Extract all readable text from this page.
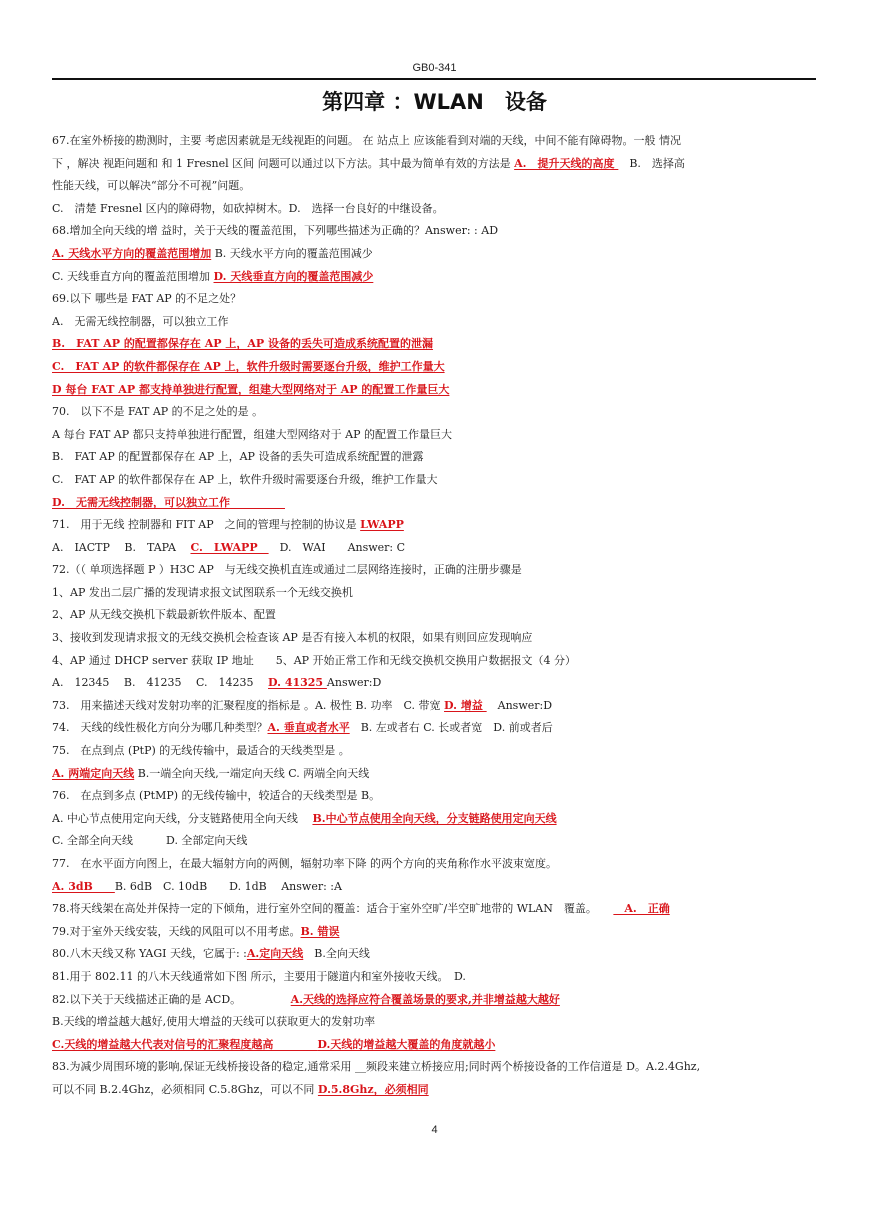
GB0-341
第四章 ：WLAN　设备
67.在室外桥接的勘测时，主要 考虑因素就是无线视距的问题。 在 站点上 应该能看到对端的天线，中间不能有障碍物。一般 情况
下 ，解决 视距问题和 和 1 Fresnel 区间 问题可以通过以下方法。其中最为简单有效的方法是 A.　提升天线的高度 　B.　选择高
性能天线，可以解决“部分不可视”问题。
C.　清楚 Fresnel 区内的障碍物，如砍掉树木。D.　选择一台良好的中继设备。
68.增加全向天线的增 益时，关于天线的覆盖范围，下列哪些描述为正确的？Answer: : AD
A. 天线水平方向的覆盖范围增加 B. 天线水平方向的覆盖范围减少
C. 天线垂直方向的覆盖范围增加 D. 天线垂直方向的覆盖范围减少
69.以下 哪些是 FAT AP 的不足之处？
A.　无需无线控制器，可以独立工作
B.　FAT AP 的配置都保存在 AP 上，AP 设备的丢失可造成系统配置的泄漏
C.　FAT AP 的软件都保存在 AP 上，软件升级时需要逐台升级，维护工作量大
D 每台 FAT AP 都支持单独进行配置，组建大型网络对于 AP 的配置工作量巨大
70.　以下不是 FAT AP 的不足之处的是 。
A 每台 FAT AP 都只支持单独进行配置，组建大型网络对于 AP 的配置工作量巨大
B.　FAT AP 的配置都保存在 AP 上，AP 设备的丢失可造成系统配置的泄露
C.　FAT AP 的软件都保存在 AP 上，软件升级时需要逐台升级，维护工作量大
D.　无需无线控制器，可以独立工作　　　　　
71.　用于无线 控制器和 FIT AP　之间的管理与控制的协议是 LWAPP
A.　IACTP　 B.　TAPA　 C.　LWAPP　　D.　WAI　　Answer: C
72.（（ 单项选择题 P ）H3C AP　与无线交换机直连或通过二层网络连接时，正确的注册步骤是
1、AP 发出二层广播的发现请求报文试图联系一个无线交换机
2、AP 从无线交换机下载最新软件版本、配置
3、接收到发现请求报文的无线交换机会检查该 AP 是否有接入本机的权限，如果有则回应发现响应
4、AP 通过 DHCP server 获取 IP 地址　　5、AP 开始正常工作和无线交换机交换用户数据报文（4 分）
A.　12345　 B.　41235　 C.　14235　 D. 41325 Answer:D
73.　用来描述天线对发射功率的汇聚程度的指标是 。A. 极性 B. 功率　C. 带宽 D. 增益 　Answer:D
74.　天线的线性极化方向分为哪几种类型？A. 垂直或者水平　B. 左或者右 C. 长或者宽　D. 前或者后
75.　在点到点 (PtP) 的无线传输中，最适合的天线类型是 。
A. 两端定向天线 B.一端全向天线,一端定向天线 C. 两端全向天线
76.　在点到多点 (PtMP) 的无线传输中，较适合的天线类型是 B。
A. 中心节点使用定向天线，分支链路使用全向天线　 B.中心节点使用全向天线，分支链路使用定向天线
C. 全部全向天线　　　D. 全部定向天线
77.　在水平面方向图上，在最大辐射方向的两侧，辐射功率下降 的两个方向的夹角称作水平波束宽度。
A. 3dB　　B. 6dB　C. 10dB　　D. 1dB　 Answer: :A
78.将天线架在高处并保持一定的下倾角，进行室外空间的覆盖：适合于室外空旷/半空旷地带的 WLAN　覆盖。　　　A.　正确
79.对于室外天线安装，天线的风阻可以不用考虑。B. 错误
80.八木天线又称 YAGI 天线，它属于: :A.定向天线　B.全向天线
81.用于 802.11 的八木天线通常如下图 所示，主要用于隧道内和室外接收天线。　D.
82.以下关于天线描述正确的是 ACD。　　　　　A.天线的选择应符合覆盖场景的要求,并非增益越大越好
B.天线的增益越大越好,使用大增益的天线可以获取更大的发射功率
C.天线的增益越大代表对信号的汇聚程度越高　　　　D.天线的增益越大覆盖的角度就越小
83.为减少周围环境的影响,保证无线桥接设备的稳定,通常采用 __频段来建立桥接应用;同时两个桥接设备的工作信道是 D。A.2.4Ghz,
可以不同 B.2.4Ghz，必须相同 C.5.8Ghz，可以不同 D.5.8Ghz，必须相同
4
